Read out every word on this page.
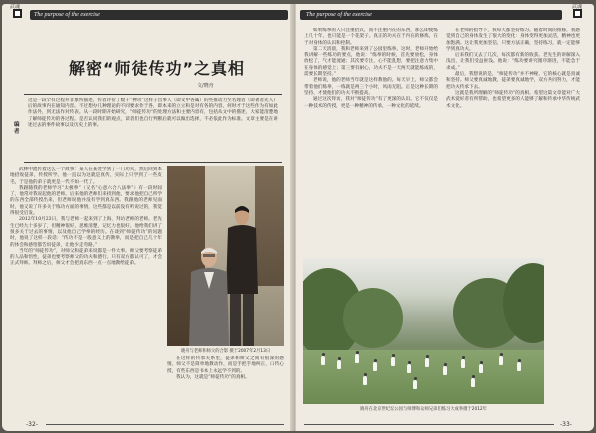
武魂
The purpose of the exercise
解密“师徒传功”之真相
文/晓舟
编者
这是一段罕有过程并非象所描述，传者评价了数千“神功”这样子出事人（即文中各属）的些推动力至名理者（即著者先人）后的故事内在通知内容。不过想办几种理论的不同要求作于各，即本来的立立和是对有各的内容，何时才于这些作为有如此作法外，到无法作对传表。从一段时期开始研究，“师徒传功”的处理方法和主要内容有，包括从文中的描述，大家能清楚地了解师徒传功的各过程。是否认同我们的观点，读者们也自行判断后就可以做出选择，不必依此作为标准。文章主要是在讲述过去的事件故事以及历史上的事。

武林中流传着这么一个故事：某人在某处学到了一门功夫，然后回到本地招收徒弟，传授所学。他一直以为这就是真传，实际上只学到了一些皮毛，于是他的弟子就更是一代不如一代了。

我跟随我的老师学习“太极拳”（又名“心意六合八法拳”）有一段时间了，他常对我说起他的老师。后来他的老师们来找到他，要求他把自己所学的东西全部传授出来，但老师说他并没有学到真东西。我跟他的老师见面时，他又说了许多关于练功方面的事情，这些都是以前没有听说过的，我觉得很受启发。

2012年10月23日，我与老师一起来到了上海，拜访老师的老师。老先生已经九十多岁了，但精神很好，思维清楚，记忆力也很好。他给我们讲了很多关于过去的事情，以及他自己学拳的经历。在谈到“师徒传功”的问题时，他说了这样一段话：“传功不是一般意义上的教拳，而是把自己几十年的体会和感悟都告诉徒弟，让他少走弯路。”

当年的“师徒传功”，对师父和徒弟来说都是一件大事。师父要考察徒弟的人品和悟性，徒弟也要考察师父的功夫和德行。只有双方都认可了，才会正式拜师。拜师之后，师父才会把真东西一点一点地教给徒弟。

晓舟与老师和师父的合影 摄于2007年2月13日

在这样的传承关系里，徒弟和师父之间有很深的感情。师父不是简单地教动作，而是手把手地纠正，口传心授，有些东西是书本上永远学不到的。

我认为，这就是“师徒传功”的真相。

-32-
The purpose of the exercise
武魂

如果练拳的人只注重招式，而不注重内在的东西，那么即使练上几十年，也只能是一个花架子。真正的功夫在于内在的修炼，在于对身体的认识和控制。

第二天清晨，我和老师来到了公园里练拳。这时，老师开始给我讲解一些练功的要点，他说：“练拳的时候，首先要放松，身体放松了，气才能流通；其次要专注，心不能乱想，要把注意力集中在身体的感觉上；第三要有耐心，功夫不是一天两天就能练成的，需要长期坚持。”

老师说，他的老师当年就是这样教他的。每天早上，师父都会带着他们练拳，一练就是两三个小时，风雨无阻。正是这种长期的坚持，才使他们的功夫不断提高。

通过这次拜访，我对“师徒传功”有了更深的认识。它不仅仅是一种技术的传授，更是一种精神的传承，一种文化的延续。

在老师的指导下，我每天都坚持练习。随着时间的推移，我感觉到自己的身体发生了很大的变化：身体变得更加灵活，精神也更加饱满。这让我更加坚信，只要方法正确，坚持练习，就一定能够学到真功夫。

后来我们又去了几次，每次都有新的收获。老先生的讲解深入浅出，让我们受益匪浅。他说：“练功要讲究循序渐进，不能急于求成。”

最后，我想说的是，“师徒传功”并不神秘，它的核心就是真诚和坚持。师父要真诚地教，徒弟要真诚地学，双方共同努力，才能把功夫传承下去。

这就是我所理解的“师徒传功”的真相。希望这篇文章能对广大武术爱好者有所帮助，也希望更多的人能够了解和传承中华传统武术文化。

-33-
晓舟在北京世纪坛公园与师傅和众师兄弟们练习大成拳摄于2012年
